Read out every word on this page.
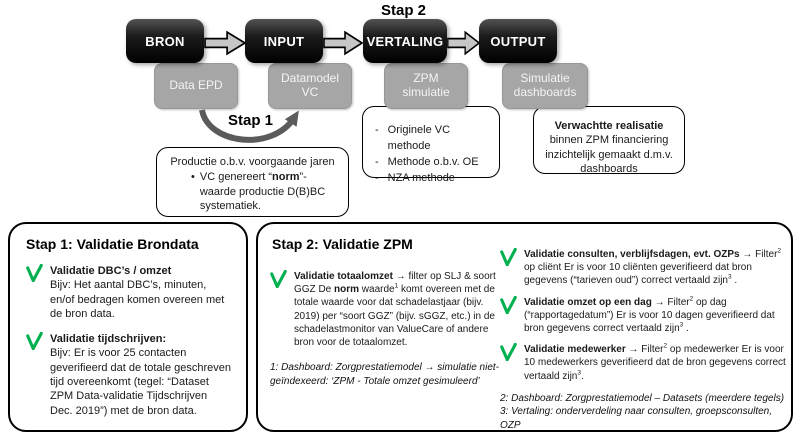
Stap 2
BRON	INPUT	VERTALING	OUTPUT
Data EPD	Datamodel VC
ZPM simulatie
Simulatie dashboards
Stap 1
Productie o.b.v. voorgaande jaren
• VC genereert “norm”-waarde productie D(B)BC systematiek.
- Originele VC methode
- Methode o.b.v. OE
- NZA methode
Verwachtte realisatie binnen ZPM financiering inzichtelijk gemaakt d.m.v. dashboards
Stap 1: Validatie Brondata
Validatie DBC’s / omzet
Bijv: Het aantal DBC’s, minuten, en/of bedragen komen overeen met de bron data.
Validatie tijdschrijven:
Bijv: Er is voor 25 contacten geverifieerd dat de totale geschreven tijd overeenkomt (tegel: “Dataset ZPM Data-validatie Tijdschrijven Dec. 2019”) met de bron data.
Stap 2: Validatie ZPM
Validatie totaalomzet → filter op SLJ & soort GGZ De norm waarde$^1$ komt overeen met de totale waarde voor dat schadelastjaar (bijv. 2019) per “soort GGZ” (bijv. sGGZ, etc.) in de schadelastmonitor van ValueCare of andere bron voor de totaalomzet.
1: Dashboard: Zorgprestatiemodel → simulatie niet-geïndexeerd: ‘ZPM - Totale omzet gesimuleerd’
Validatie consulten, verblijfsdagen, evt. OZPs → Filter$^2$ op cliënt Er is voor 10 cliënten geverifieerd dat bron gegevens (“tarieven oud”) correct vertaald zijn$^3$ .
Validatie omzet op een dag → Filter$^2$ op dag (“rapportagedatum”) Er is voor 10 dagen geverifieerd dat bron gegevens correct vertaald zijn$^3$ .
Validatie medewerker → Filter$^2$ op medewerker Er is voor 10 medewerkers geverifieerd dat de bron gegevens correct vertaald zijn$^3$.
2: Dashboard: Zorgprestatiemodel – Datasets (meerdere tegels)
3: Vertaling: onderverdeling naar consulten, groepsconsulten, OZP
